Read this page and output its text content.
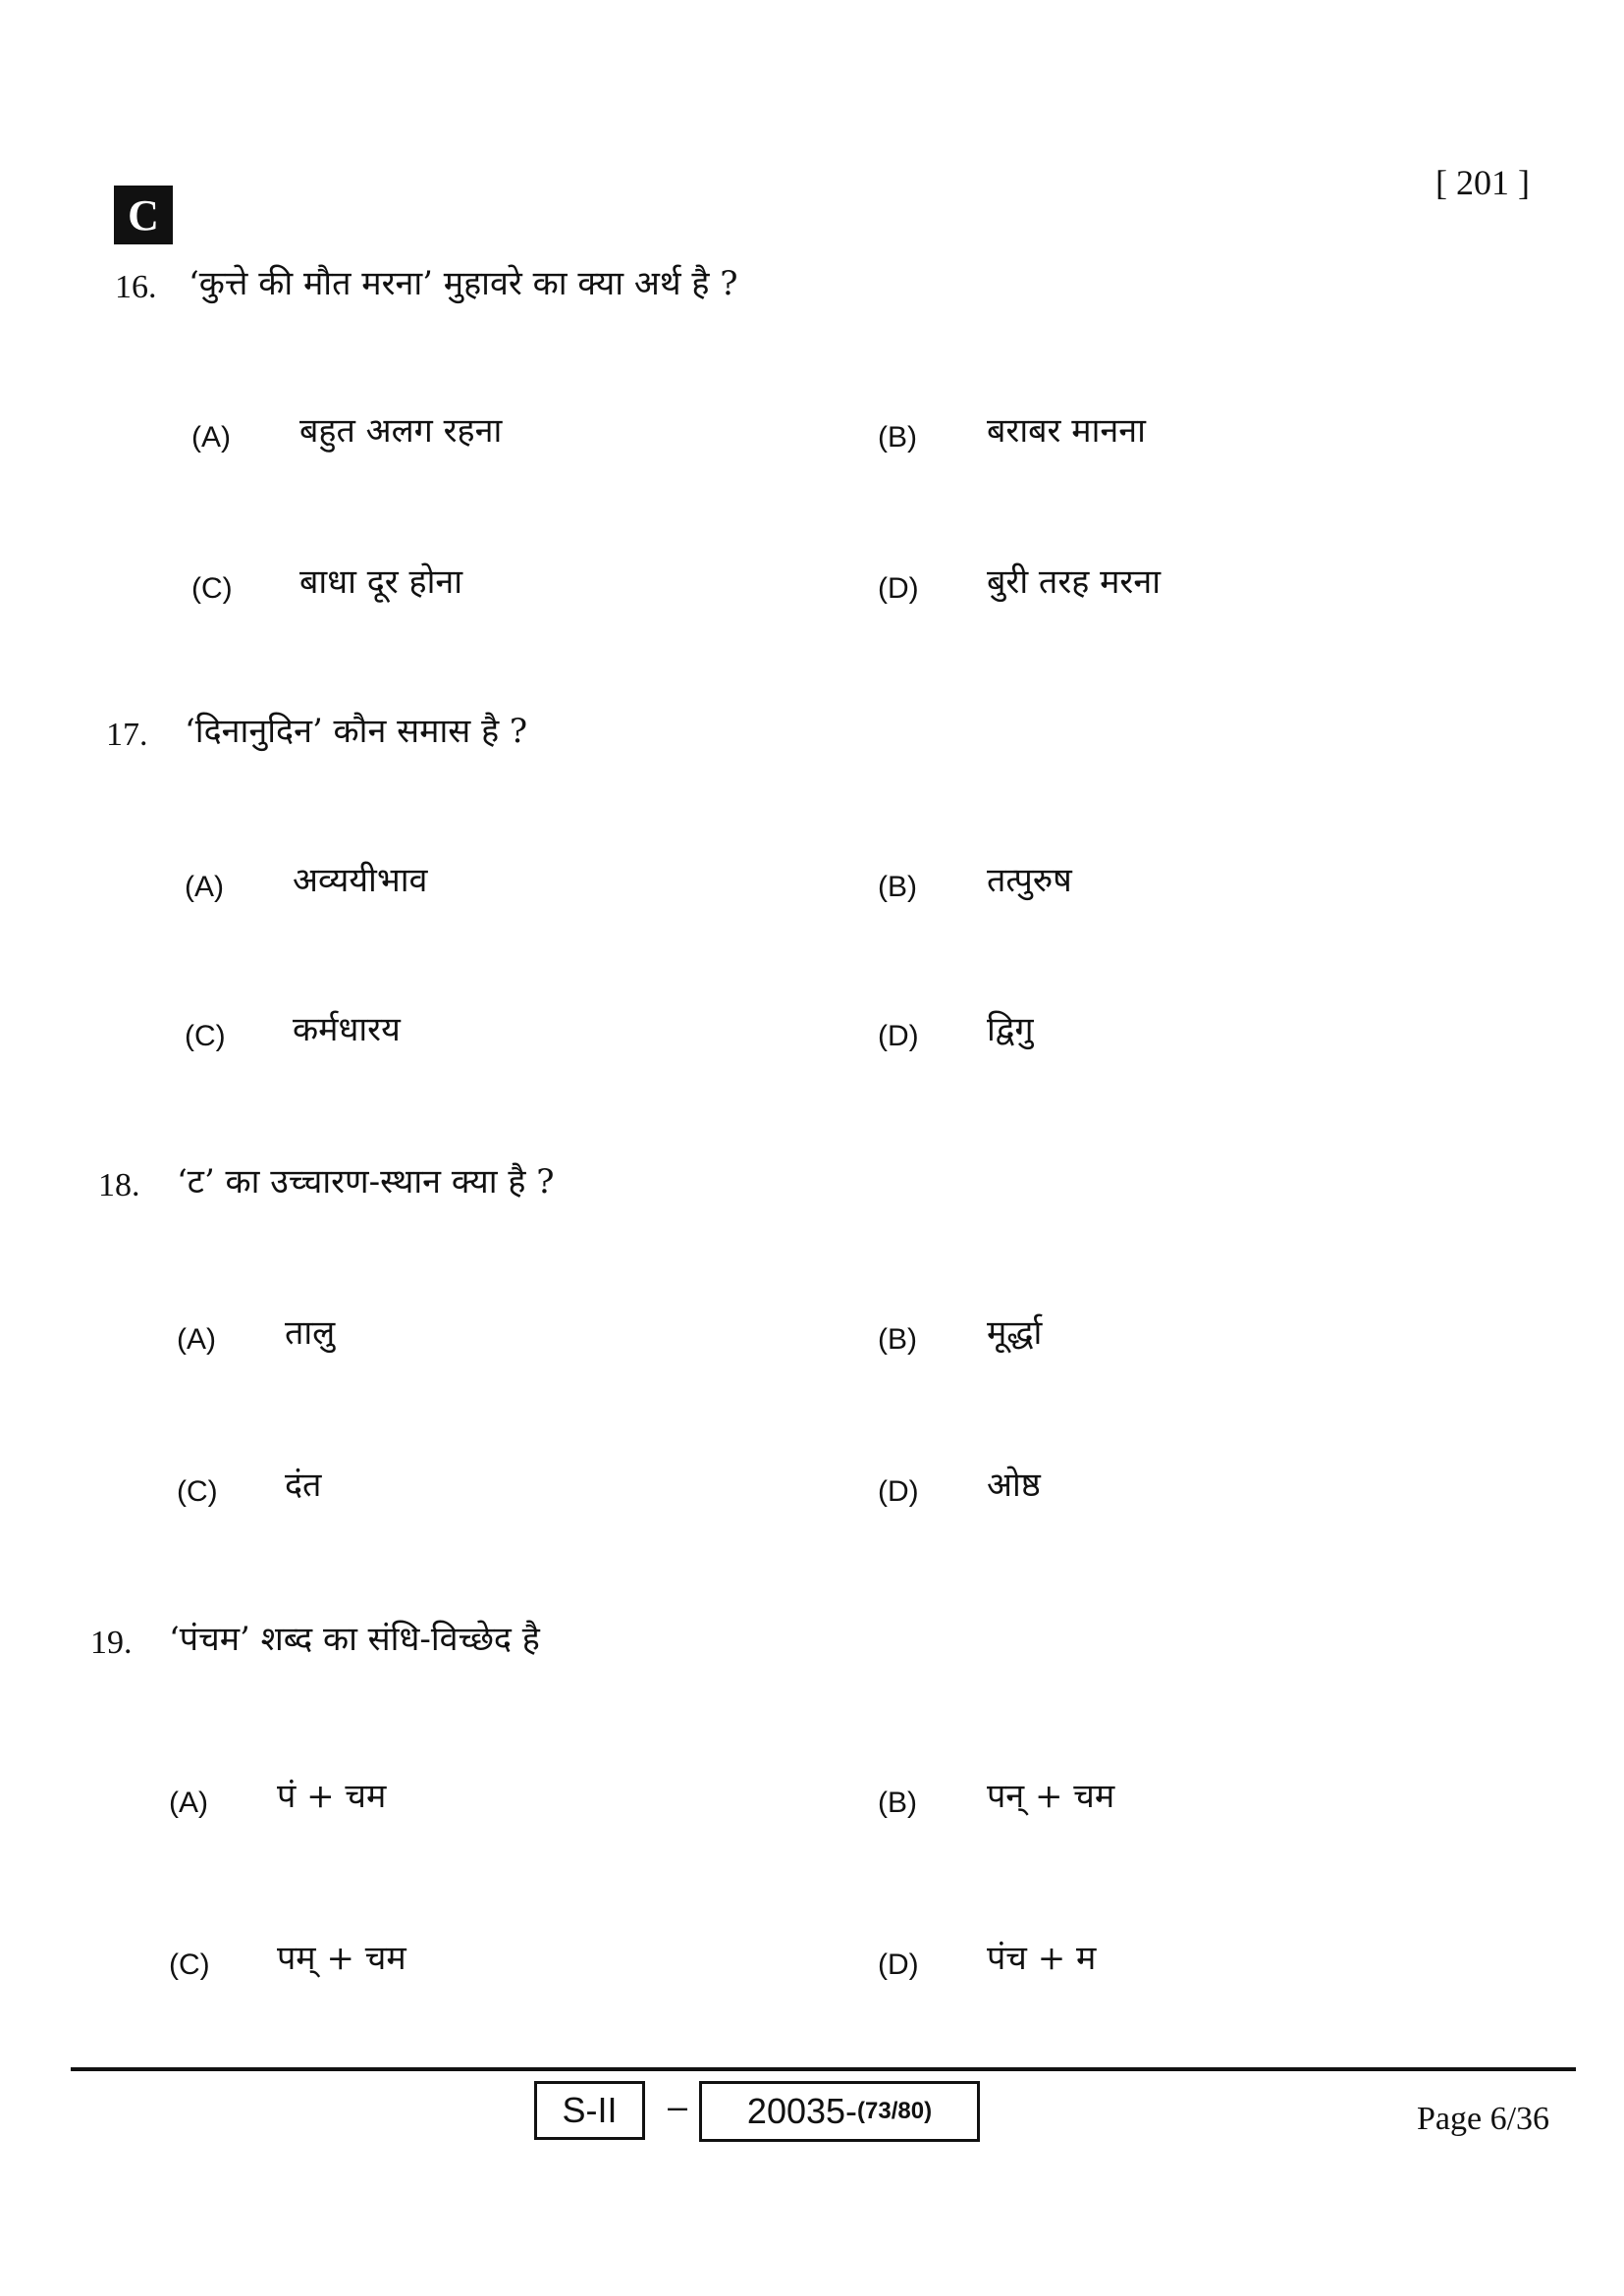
[ 201 ]
C
16. ‘कुत्ते की मौत मरना’ मुहावरे का क्या अर्थ है ?
(A) बहुत अलग रहना	(B) बराबर मानना
(C) बाधा दूर होना	(D) बुरी तरह मरना
17. ‘दिनानुदिन’ कौन समास है ?
(A) अव्ययीभाव	(B) तत्पुरुष
(C) कर्मधारय	(D) द्विगु
18. ‘ट’ का उच्चारण-स्थान क्या है ?
(A) तालु	(B) मूर्द्धा
(C) दंत	(D) ओष्ठ
19. ‘पंचम’ शब्द का संधि-विच्छेद है
(A) पं + चम	(B) पन् + चम
(C) पम् + चम	(D) पंच + म
S-II	– 20035- (73/80)	Page 6/36
